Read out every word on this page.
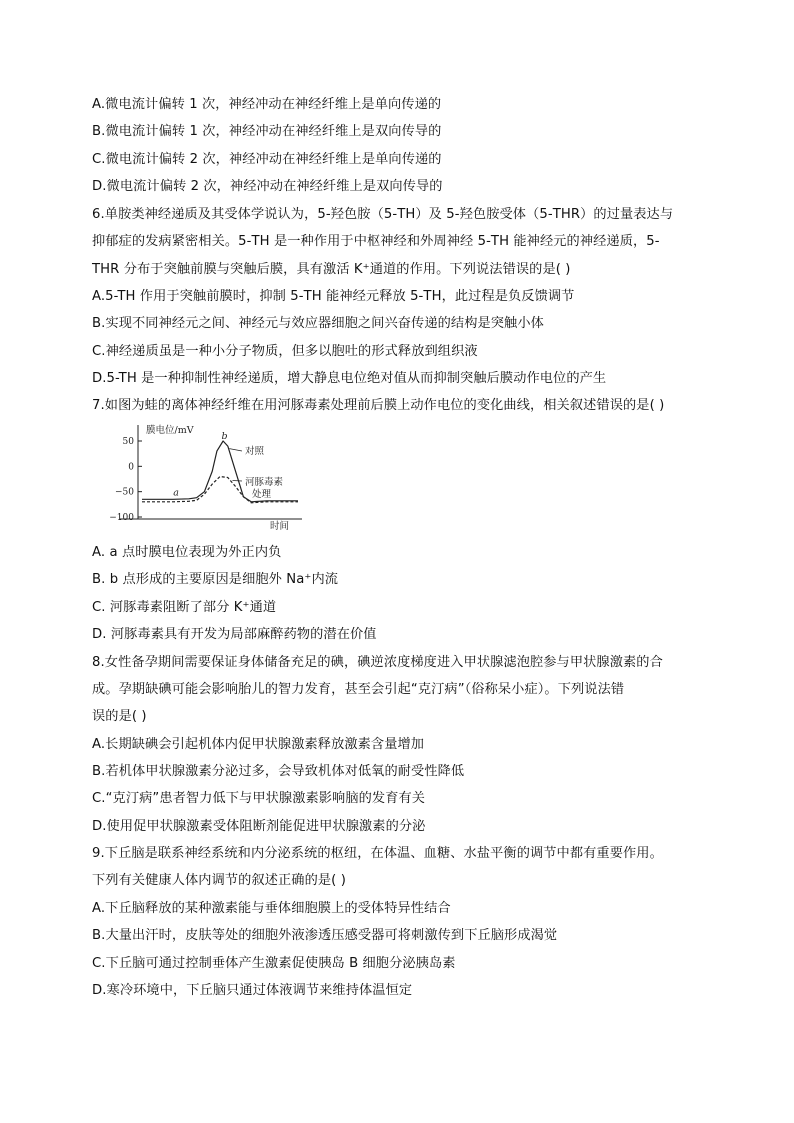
A.微电流计偏转 1 次，神经冲动在神经纤维上是单向传递的
B.微电流计偏转 1 次，神经冲动在神经纤维上是双向传导的
C.微电流计偏转 2 次，神经冲动在神经纤维上是单向传递的
D.微电流计偏转 2 次，神经冲动在神经纤维上是双向传导的
6.单胺类神经递质及其受体学说认为，5-羟色胺（5-TH）及 5-羟色胺受体（5-THR）的过量表达与
抑郁症的发病紧密相关。5-TH 是一种作用于中枢神经和外周神经 5-TH 能神经元的神经递质，5-
THR 分布于突触前膜与突触后膜，具有激活 K⁺通道的作用。下列说法错误的是( )
A.5-TH 作用于突触前膜时，抑制 5-TH 能神经元释放 5-TH，此过程是负反馈调节
B.实现不同神经元之间、神经元与效应器细胞之间兴奋传递的结构是突触小体
C.神经递质虽是一种小分子物质，但多以胞吐的形式释放到组织液
D.5-TH 是一种抑制性神经递质，增大静息电位绝对值从而抑制突触后膜动作电位的产生
7.如图为蛙的离体神经纤维在用河豚毒素处理前后膜上动作电位的变化曲线，相关叙述错误的是( )
膜电位/mV
时间
50
0
−50
−100
a
b
对照
河豚毒素
处理
A. a 点时膜电位表现为外正内负
B. b 点形成的主要原因是细胞外 Na⁺内流
C. 河豚毒素阻断了部分 K⁺通道
D. 河豚毒素具有开发为局部麻醉药物的潜在价值
8.女性备孕期间需要保证身体储备充足的碘，碘逆浓度梯度进入甲状腺滤泡腔参与甲状腺激素的合
成。孕期缺碘可能会影响胎儿的智力发育，甚至会引起“克汀病”（俗称呆小症）。下列说法错
误的是( )
A.长期缺碘会引起机体内促甲状腺激素释放激素含量增加
B.若机体甲状腺激素分泌过多，会导致机体对低氧的耐受性降低
C.“克汀病”患者智力低下与甲状腺激素影响脑的发育有关
D.使用促甲状腺激素受体阻断剂能促进甲状腺激素的分泌
9.下丘脑是联系神经系统和内分泌系统的枢纽，在体温、血糖、水盐平衡的调节中都有重要作用。
下列有关健康人体内调节的叙述正确的是( )
A.下丘脑释放的某种激素能与垂体细胞膜上的受体特异性结合
B.大量出汗时，皮肤等处的细胞外液渗透压感受器可将刺激传到下丘脑形成渴觉
C.下丘脑可通过控制垂体产生激素促使胰岛 B 细胞分泌胰岛素
D.寒冷环境中，下丘脑只通过体液调节来维持体温恒定
